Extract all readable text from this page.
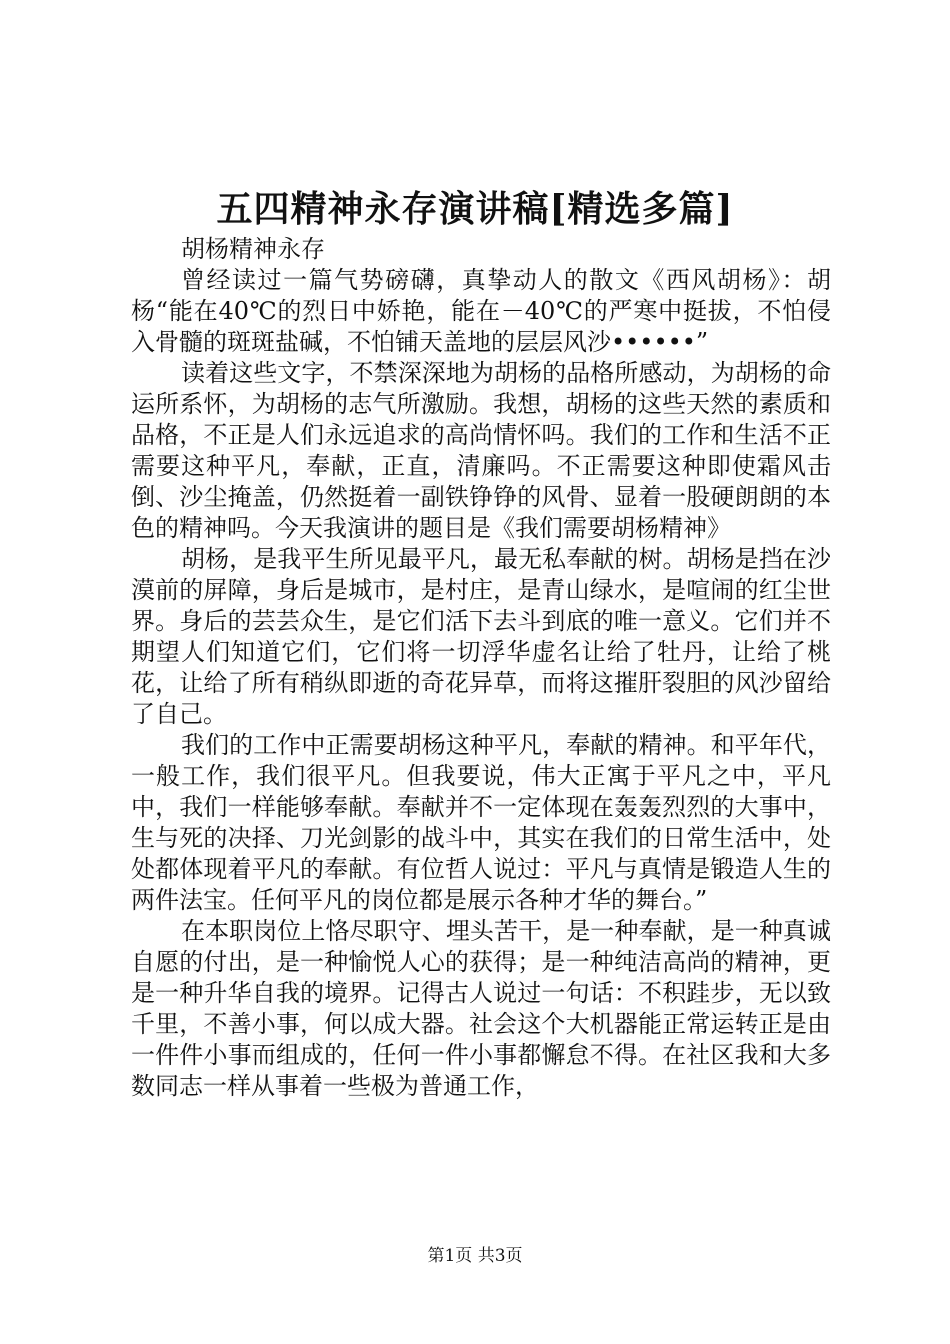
五四精神永存演讲稿[精选多篇]

胡杨精神永存

曾经读过一篇气势磅礴，真挚动人的散文《西风胡杨》：胡杨“能在40℃的烈日中娇艳，能在－40℃的严寒中挺拔，不怕侵入骨髓的斑斑盐碱，不怕铺天盖地的层层风沙••••••”

读着这些文字，不禁深深地为胡杨的品格所感动，为胡杨的命运所系怀，为胡杨的志气所激励。我想，胡杨的这些天然的素质和品格，不正是人们永远追求的高尚情怀吗。我们的工作和生活不正需要这种平凡，奉献，正直，清廉吗。不正需要这种即使霜风击倒、沙尘掩盖，仍然挺着一副铁铮铮的风骨、显着一股硬朗朗的本色的精神吗。今天我演讲的题目是《我们需要胡杨精神》

胡杨，是我平生所见最平凡，最无私奉献的树。胡杨是挡在沙漠前的屏障，身后是城市，是村庄，是青山绿水，是喧闹的红尘世界。身后的芸芸众生，是它们活下去斗到底的唯一意义。它们并不期望人们知道它们，它们将一切浮华虚名让给了牡丹，让给了桃花，让给了所有稍纵即逝的奇花异草，而将这摧肝裂胆的风沙留给了自己。

我们的工作中正需要胡杨这种平凡，奉献的精神。和平年代，一般工作，我们很平凡。但我要说，伟大正寓于平凡之中，平凡中，我们一样能够奉献。奉献并不一定体现在轰轰烈烈的大事中，生与死的决择、刀光剑影的战斗中，其实在我们的日常生活中，处处都体现着平凡的奉献。有位哲人说过：平凡与真情是锻造人生的两件法宝。任何平凡的岗位都是展示各种才华的舞台。”

在本职岗位上恪尽职守、埋头苦干，是一种奉献，是一种真诚自愿的付出，是一种愉悦人心的获得；是一种纯洁高尚的精神，更是一种升华自我的境界。记得古人说过一句话：不积跬步，无以致千里，不善小事，何以成大器。社会这个大机器能正常运转正是由一件件小事而组成的，任何一件小事都懈怠不得。在社区我和大多数同志一样从事着一些极为普通工作，

第1页 共3页
